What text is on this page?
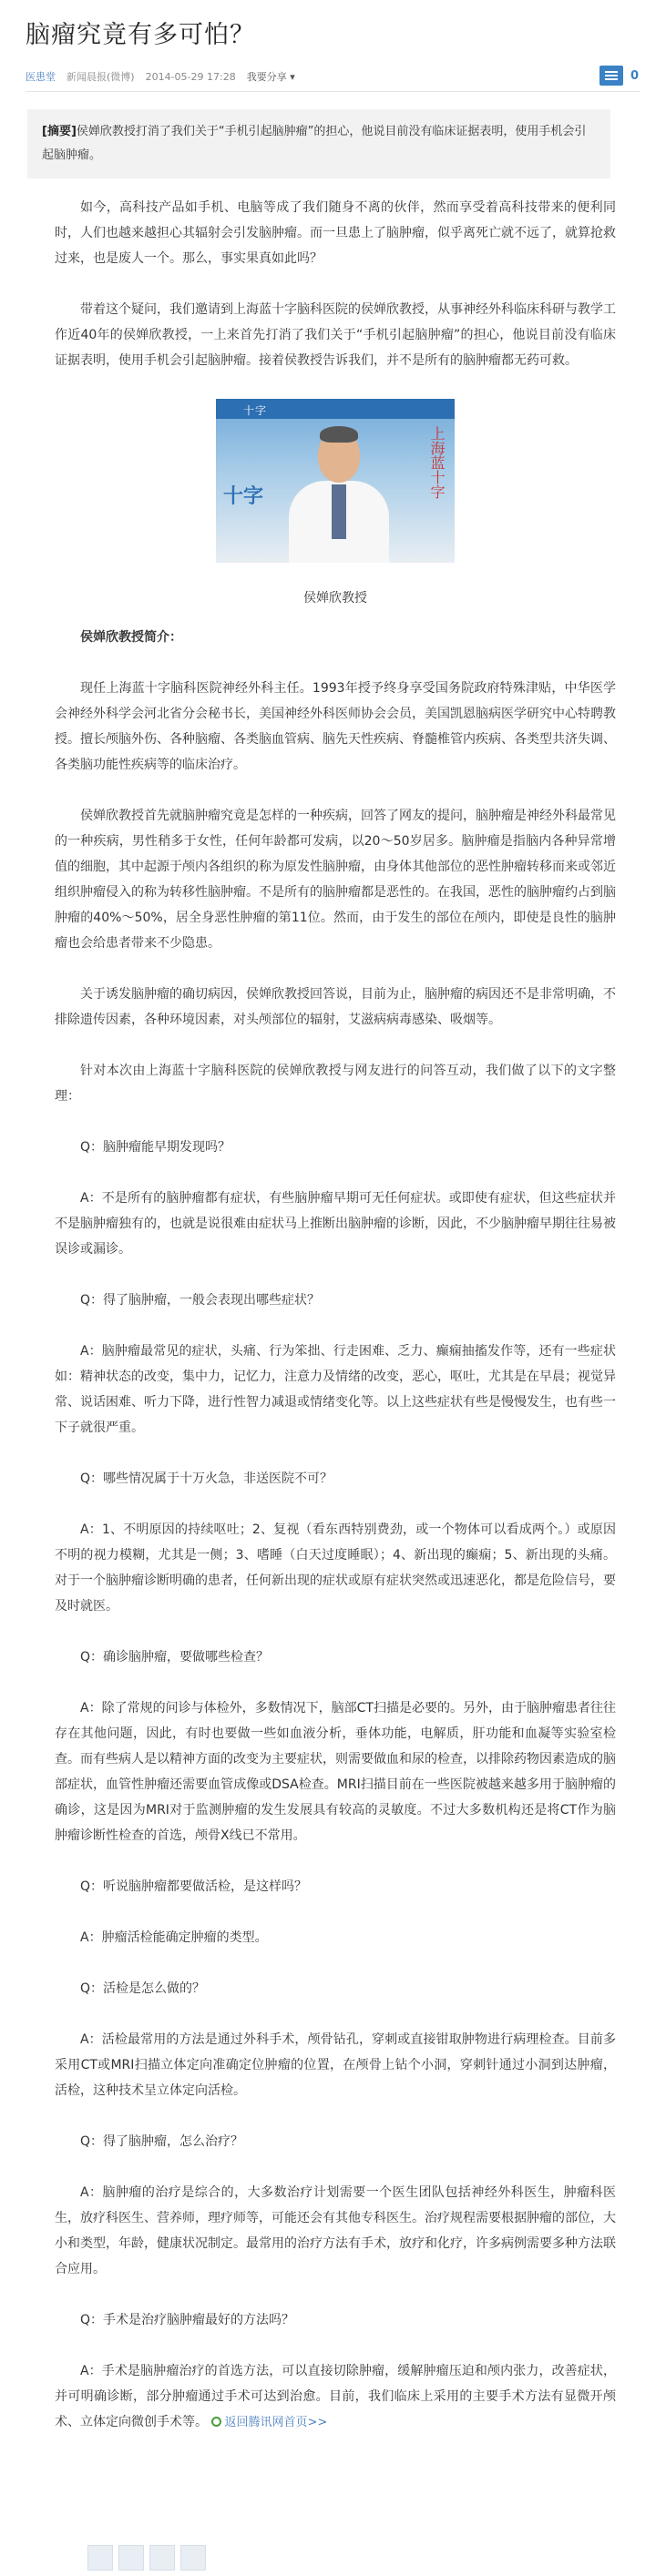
脑瘤究竟有多可怕？
医患堂 新闻晨报(微博) 2014-05-29 17:28 我要分享 ▾	0
[摘要]侯婵欣教授打消了我们关于“手机引起脑肿瘤”的担心，他说目前没有临床证据表明，使用手机会引起脑肿瘤。

如今，高科技产品如手机、电脑等成了我们随身不离的伙伴，然而享受着高科技带来的便利同时，人们也越来越担心其辐射会引发脑肿瘤。而一旦患上了脑肿瘤，似乎离死亡就不远了，就算抢救过来，也是废人一个。那么，事实果真如此吗？

带着这个疑问，我们邀请到上海蓝十字脑科医院的侯婵欣教授，从事神经外科临床科研与教学工作近40年的侯婵欣教授，一上来首先打消了我们关于“手机引起脑肿瘤”的担心，他说目前没有临床证据表明，使用手机会引起脑肿瘤。接着侯教授告诉我们，并不是所有的脑肿瘤都无药可救。

十字
十字	上海蓝十字
侯婵欣教授

侯婵欣教授简介：

现任上海蓝十字脑科医院神经外科主任。1993年授予终身享受国务院政府特殊津贴，中华医学会神经外科学会河北省分会秘书长，美国神经外科医师协会会员，美国凯恩脑病医学研究中心特聘教授。擅长颅脑外伤、各种脑瘤、各类脑血管病、脑先天性疾病、脊髓椎管内疾病、各类型共济失调、各类脑功能性疾病等的临床治疗。

侯婵欣教授首先就脑肿瘤究竟是怎样的一种疾病，回答了网友的提问，脑肿瘤是神经外科最常见的一种疾病，男性稍多于女性，任何年龄都可发病，以20～50岁居多。脑肿瘤是指脑内各种异常增值的细胞，其中起源于颅内各组织的称为原发性脑肿瘤，由身体其他部位的恶性肿瘤转移而来或邻近组织肿瘤侵入的称为转移性脑肿瘤。不是所有的脑肿瘤都是恶性的。在我国，恶性的脑肿瘤约占到脑肿瘤的40%～50%，居全身恶性肿瘤的第11位。然而，由于发生的部位在颅内，即使是良性的脑肿瘤也会给患者带来不少隐患。

关于诱发脑肿瘤的确切病因，侯婵欣教授回答说，目前为止，脑肿瘤的病因还不是非常明确，不排除遗传因素，各种环境因素，对头颅部位的辐射，艾滋病病毒感染、吸烟等。

针对本次由上海蓝十字脑科医院的侯婵欣教授与网友进行的问答互动，我们做了以下的文字整理：

Q：脑肿瘤能早期发现吗？

A：不是所有的脑肿瘤都有症状，有些脑肿瘤早期可无任何症状。或即使有症状，但这些症状并不是脑肿瘤独有的，也就是说很难由症状马上推断出脑肿瘤的诊断，因此，不少脑肿瘤早期往往易被误诊或漏诊。

Q：得了脑肿瘤，一般会表现出哪些症状？

A：脑肿瘤最常见的症状，头痛、行为笨拙、行走困难、乏力、癫痫抽搐发作等，还有一些症状如：精神状态的改变，集中力，记忆力，注意力及情绪的改变，恶心，呕吐，尤其是在早晨；视觉异常、说话困难、听力下降，进行性智力减退或情绪变化等。以上这些症状有些是慢慢发生，也有些一下子就很严重。

Q：哪些情况属于十万火急，非送医院不可？

A：1、不明原因的持续呕吐；2、复视（看东西特别费劲，或一个物体可以看成两个。）或原因不明的视力模糊，尤其是一侧；3、嗜睡（白天过度睡眠）；4、新出现的癫痫；5、新出现的头痛。对于一个脑肿瘤诊断明确的患者，任何新出现的症状或原有症状突然或迅速恶化，都是危险信号，要及时就医。

Q：确诊脑肿瘤，要做哪些检查？

A：除了常规的问诊与体检外，多数情况下，脑部CT扫描是必要的。另外，由于脑肿瘤患者往往存在其他问题，因此，有时也要做一些如血液分析，垂体功能，电解质，肝功能和血凝等实验室检查。而有些病人是以精神方面的改变为主要症状，则需要做血和尿的检查，以排除药物因素造成的脑部症状，血管性肿瘤还需要血管成像或DSA检查。MRI扫描目前在一些医院被越来越多用于脑肿瘤的确诊，这是因为MRI对于监测肿瘤的发生发展具有较高的灵敏度。不过大多数机构还是将CT作为脑肿瘤诊断性检查的首选，颅骨X线已不常用。

Q：听说脑肿瘤都要做活检，是这样吗？

A：肿瘤活检能确定肿瘤的类型。

Q：活检是怎么做的？

A：活检最常用的方法是通过外科手术，颅骨钻孔，穿刺或直接钳取肿物进行病理检查。目前多采用CT或MRI扫描立体定向准确定位肿瘤的位置，在颅骨上钻个小洞，穿刺针通过小洞到达肿瘤，活检，这种技术呈立体定向活检。

Q：得了脑肿瘤，怎么治疗？

A：脑肿瘤的治疗是综合的，大多数治疗计划需要一个医生团队包括神经外科医生，肿瘤科医生，放疗科医生、营养师，理疗师等，可能还会有其他专科医生。治疗规程需要根据肿瘤的部位，大小和类型，年龄，健康状况制定。最常用的治疗方法有手术，放疗和化疗，许多病例需要多种方法联合应用。

Q：手术是治疗脑肿瘤最好的方法吗？

A：手术是脑肿瘤治疗的首选方法，可以直接切除肿瘤，缓解肿瘤压迫和颅内张力，改善症状，并可明确诊断，部分肿瘤通过手术可达到治愈。目前，我们临床上采用的主要手术方法有显微开颅术、立体定向微创手术等。 返回腾讯网首页>>
